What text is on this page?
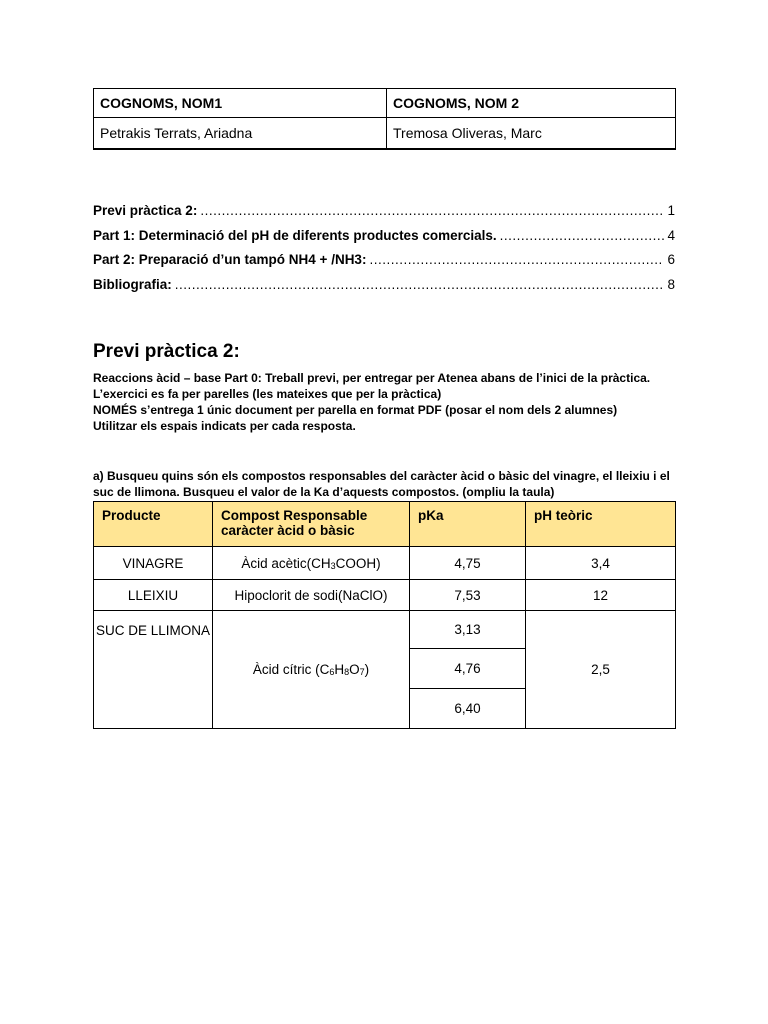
COGNOMS, NOM1	COGNOMS, NOM 2
Petrakis Terrats, Ariadna	Tremosa Oliveras, Marc
Previ pràctica 2: .....	1
Part 1: Determinació del pH de diferents productes comercials. .....	4
Part 2: Preparació d’un tampó NH4 + /NH3: .....	6
Bibliografia: .....	8
Previ pràctica 2:

Reaccions àcid – base Part 0: Treball previ, per entregar per Atenea abans de l’inici de la pràctica.

L’exercici es fa per parelles (les mateixes que per la pràctica)

NOMÉS s’entrega 1 únic document per parella en format PDF (posar el nom dels 2 alumnes)

Utilitzar els espais indicats per cada resposta.

a) Busqueu quins són els compostos responsables del caràcter àcid o bàsic del vinagre, el lleixiu i el suc de llimona. Busqueu el valor de la Ka d’aquests compostos. (ompliu la taula)
Producte	Compost Responsable caràcter àcid o bàsic	pKa	pH teòric
VINAGRE	Àcid $acètic(CH_3COOH)$	4,75	3,4
LLEIXIU	Hipoclorit de sodi(NaClO)	7,53	12
SUC DE LLIMONA	Àcid cítric $(C_6H_8O_7)$	3,13	2,5
		4,76	
		6,40	
